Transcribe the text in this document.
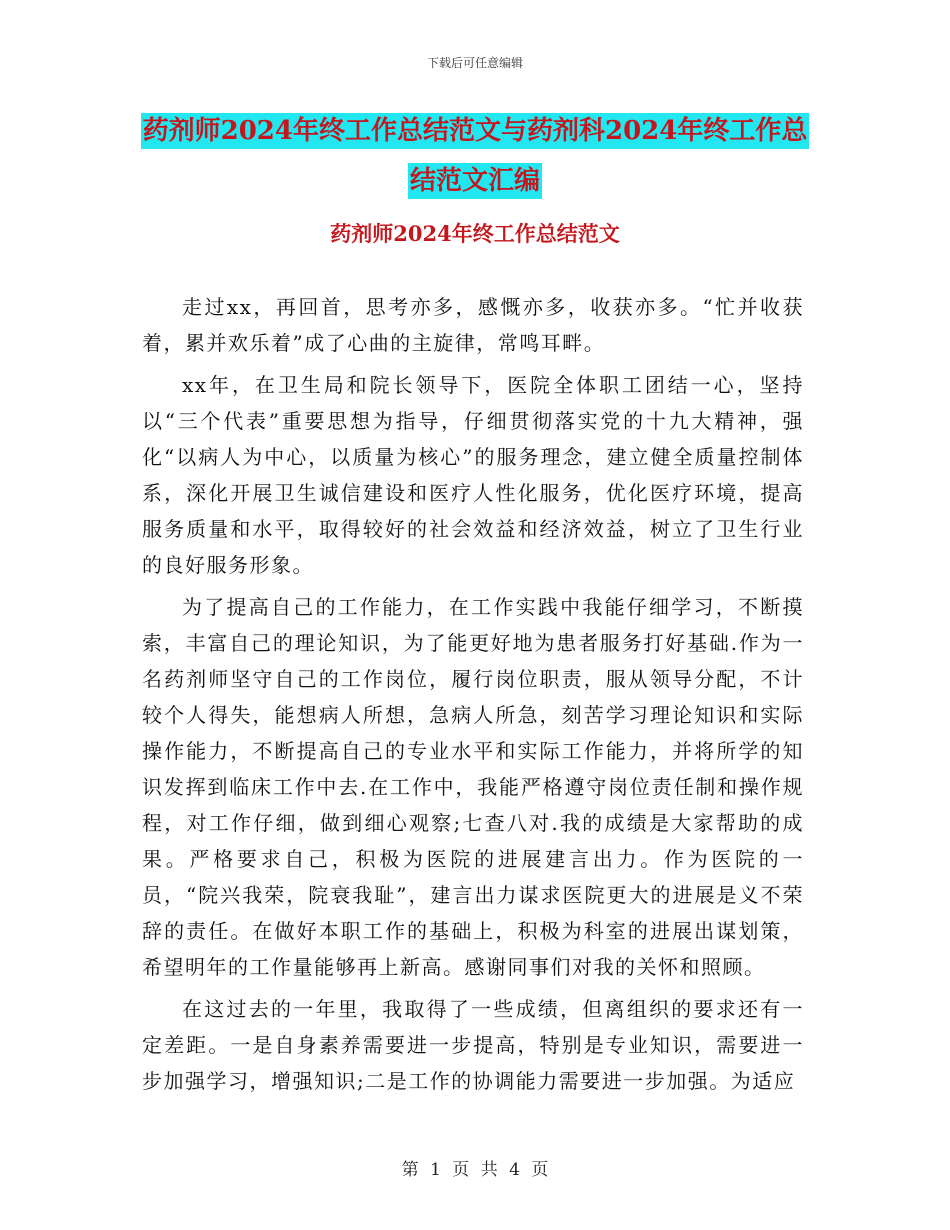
下载后可任意编辑
药剂师2024年终工作总结范文与药剂科2024年终工作总结范文汇编
药剂师2024年终工作总结范文

走过xx，再回首，思考亦多，感慨亦多，收获亦多。“忙并收获着，累并欢乐着”成了心曲的主旋律，常鸣耳畔。

xx年，在卫生局和院长领导下，医院全体职工团结一心，坚持以“三个代表”重要思想为指导，仔细贯彻落实党的十九大精神，强化“以病人为中心，以质量为核心”的服务理念，建立健全质量控制体系，深化开展卫生诚信建设和医疗人性化服务，优化医疗环境，提高服务质量和水平，取得较好的社会效益和经济效益，树立了卫生行业的良好服务形象。

为了提高自己的工作能力，在工作实践中我能仔细学习，不断摸索，丰富自己的理论知识，为了能更好地为患者服务打好基础.作为一名药剂师坚守自己的工作岗位，履行岗位职责，服从领导分配，不计较个人得失，能想病人所想，急病人所急，刻苦学习理论知识和实际操作能力，不断提高自己的专业水平和实际工作能力，并将所学的知识发挥到临床工作中去.在工作中，我能严格遵守岗位责任制和操作规程，对工作仔细，做到细心观察;七查八对.我的成绩是大家帮助的成果。严格要求自己，积极为医院的进展建言出力。作为医院的一员，“院兴我荣，院衰我耻”，建言出力谋求医院更大的进展是义不荣辞的责任。在做好本职工作的基础上，积极为科室的进展出谋划策，希望明年的工作量能够再上新高。感谢同事们对我的关怀和照顾。

在这过去的一年里，我取得了一些成绩，但离组织的要求还有一定差距。一是自身素养需要进一步提高，特别是专业知识，需要进一步加强学习，增强知识;二是工作的协调能力需要进一步加强。为适应

第 1 页 共 4 页
